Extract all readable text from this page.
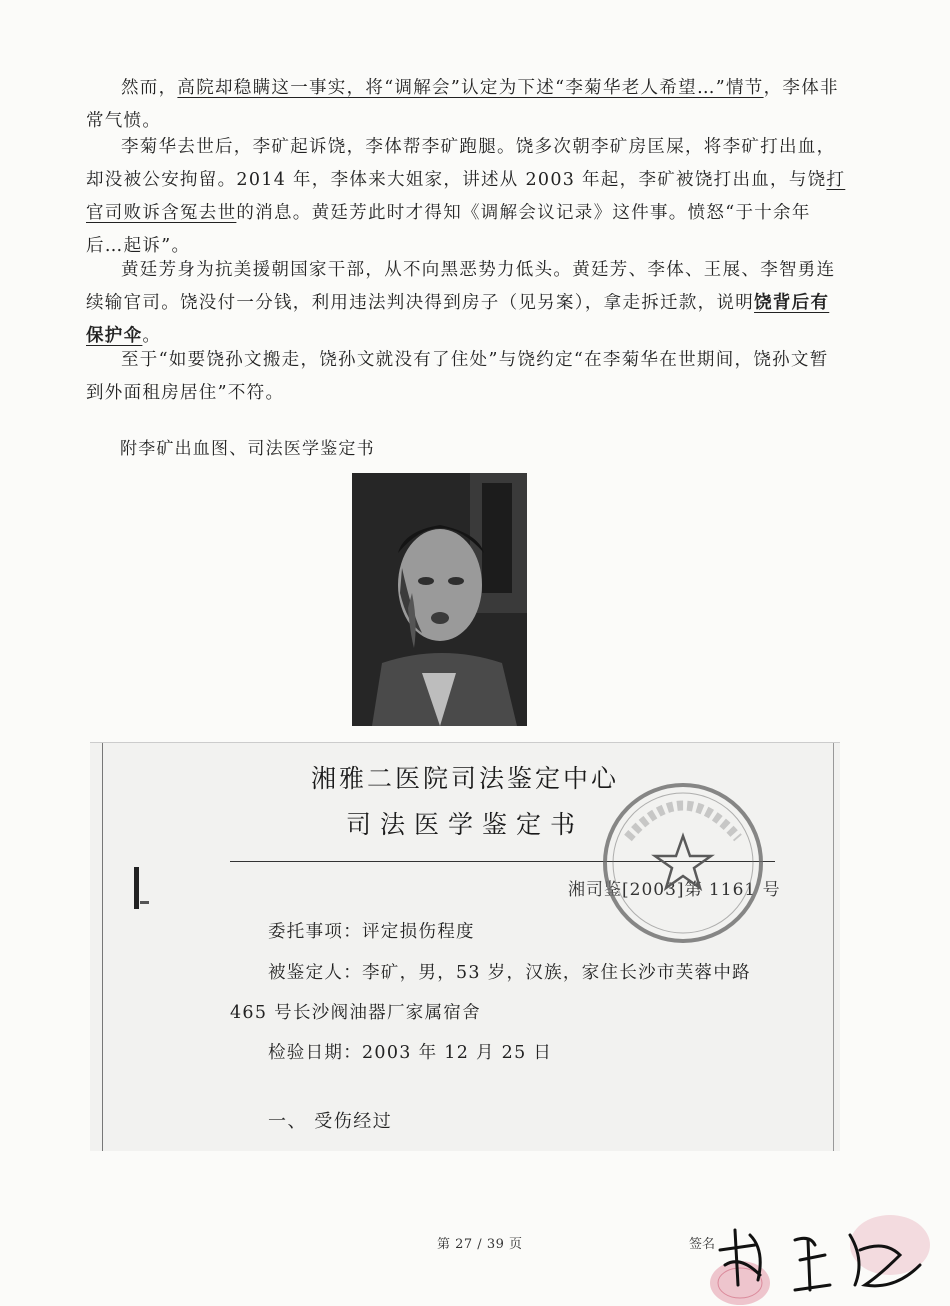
然而，高院却稳瞒这一事实，将“调解会”认定为下述“李菊华老人希望…”情节，李体非常气愤。

李菊华去世后，李矿起诉饶，李体帮李矿跑腿。饶多次朝李矿房匡屎，将李矿打出血，却没被公安拘留。2014 年，李体来大姐家，讲述从 2003 年起，李矿被饶打出血，与饶打官司败诉含冤去世的消息。黄廷芳此时才得知《调解会议记录》这件事。愤怒“于十余年后…起诉”。

黄廷芳身为抗美援朝国家干部，从不向黑恶势力低头。黄廷芳、李体、王展、李智勇连续输官司。饶没付一分钱，利用违法判决得到房子（见另案），拿走拆迁款，说明饶背后有保护伞。

至于“如要饶孙文搬走，饶孙文就没有了住处”与饶约定“在李菊华在世期间，饶孙文暂到外面租房居住”不符。

附李矿出血图、司法医学鉴定书

湘雅二医院司法鉴定中心
司法医学鉴定书
湘司鉴[2003]第 1161 号
委托事项：评定损伤程度
被鉴定人：李矿，男，53 岁，汉族，家住长沙市芙蓉中路
465 号长沙阀油器厂家属宿舍
检验日期：2003 年 12 月 25 日
一、 受伤经过
第 27 / 39 页	签名
